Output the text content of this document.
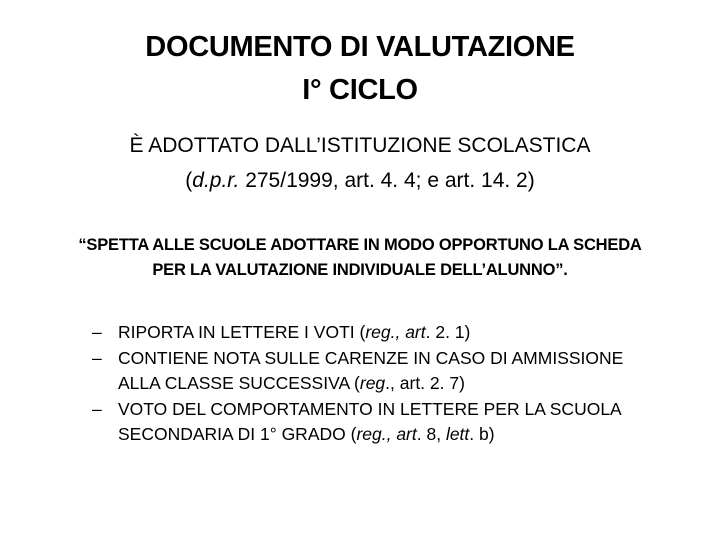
DOCUMENTO DI VALUTAZIONE
I° CICLO
È ADOTTATO DALL’ISTITUZIONE SCOLASTICA
(d.p.r. 275/1999, art. 4. 4; e art. 14. 2)
“SPETTA ALLE SCUOLE ADOTTARE IN MODO OPPORTUNO LA SCHEDA
PER LA VALUTAZIONE INDIVIDUALE DELL’ALUNNO”.
– RIPORTA IN LETTERE I VOTI (reg., art. 2. 1)
– CONTIENE NOTA SULLE CARENZE IN CASO DI AMMISSIONE
ALLA CLASSE SUCCESSIVA (reg., art. 2. 7)
– VOTO DEL COMPORTAMENTO IN LETTERE PER LA SCUOLA
SECONDARIA DI 1° GRADO (reg., art. 8, lett. b)
